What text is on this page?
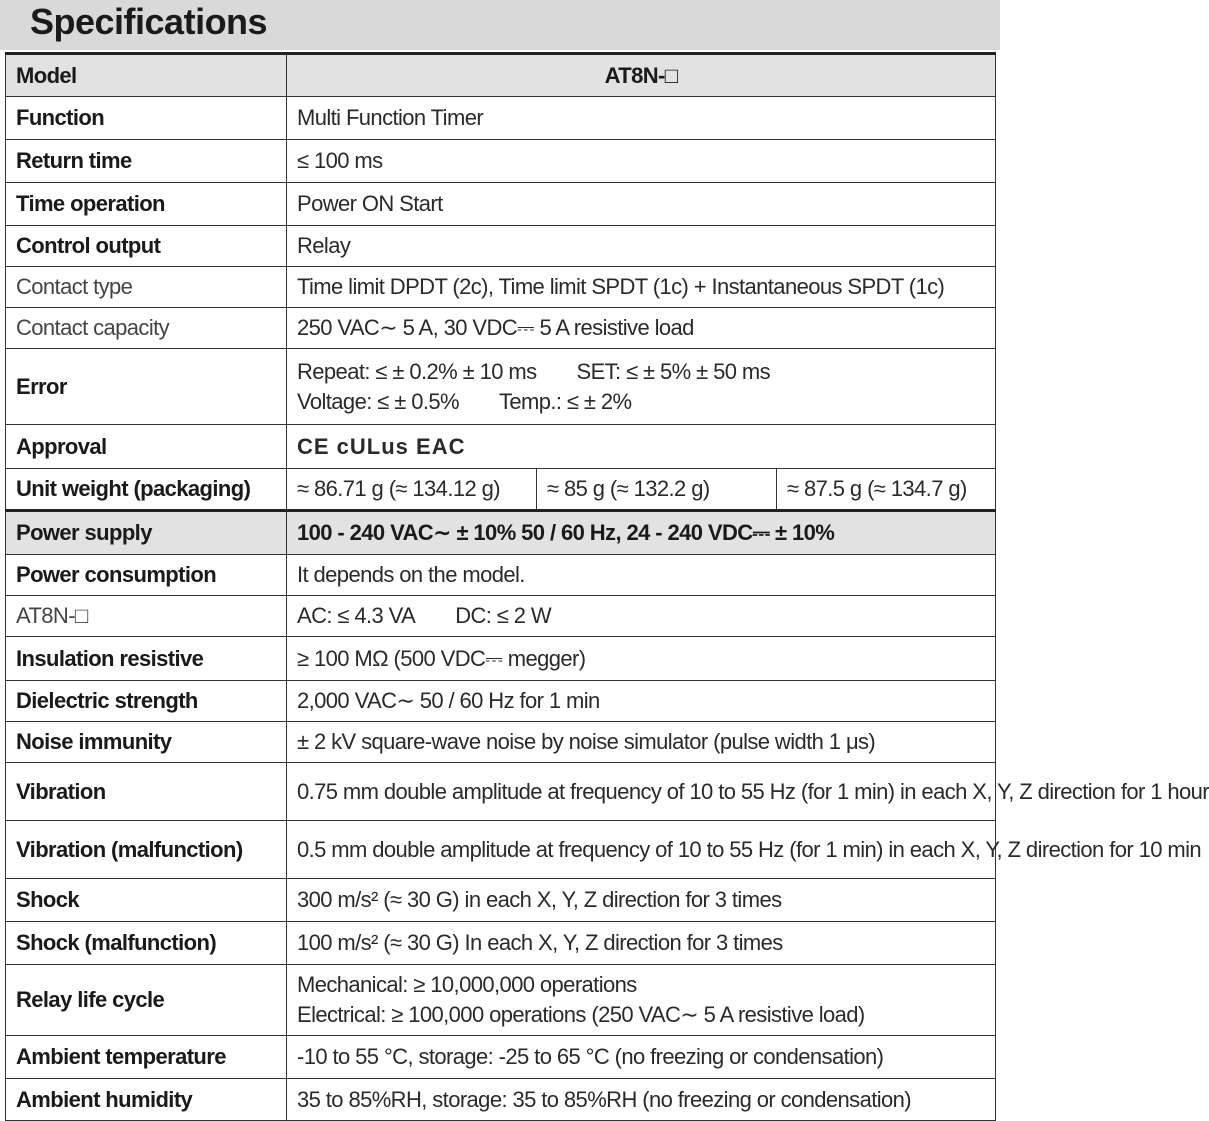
Specifications
Model	AT8N-□		
Function	Multi Function Timer		
Return time	≤ 100 ms		
Time operation	Power ON Start		
Control output	Relay		
Contact type	Time limit DPDT (2c), Time limit SPDT (1c) + Instantaneous SPDT (1c)		
Contact capacity	250 VAC∼ 5 A, 30 VDC⎓ 5 A resistive load		
Error	Repeat: ≤ ± 0.2% ± 10 ms SET: ≤ ± 5% ± 50 ms
Voltage: ≤ ± 0.5% Temp.: ≤ ± 2%		

Approval	CE cULus EAC		
Unit weight (packaging)	≈ 86.71 g (≈ 134.12 g)	≈ 85 g (≈ 132.2 g)	≈ 87.5 g (≈ 134.7 g)
Power supply	100 - 240 VAC∼ ± 10% 50 / 60 Hz, 24 - 240 VDC⎓ ± 10%		
Power consumption	It depends on the model.		
AT8N-□	AC: ≤ 4.3 VA DC: ≤ 2 W		
Insulation resistive	≥ 100 MΩ (500 VDC⎓ megger)		
Dielectric strength	2,000 VAC∼ 50 / 60 Hz for 1 min		
Noise immunity	± 2 kV square-wave noise by noise simulator (pulse width 1 μs)		
Vibration	0.75 mm double amplitude at frequency of 10 to 55 Hz (for 1 min) in each X, Y, Z direction for 1 hour		
Vibration (malfunction)	0.5 mm double amplitude at frequency of 10 to 55 Hz (for 1 min) in each X, Y, Z direction for 10 min		
Shock	300 m/s² (≈ 30 G) in each X, Y, Z direction for 3 times		
Shock (malfunction)	100 m/s² (≈ 30 G) In each X, Y, Z direction for 3 times		
Relay life cycle	Mechanical: ≥ 10,000,000 operations
Electrical: ≥ 100,000 operations (250 VAC∼ 5 A resistive load)		

Ambient temperature	-10 to 55 °C, storage: -25 to 65 °C (no freezing or condensation)		
Ambient humidity	35 to 85%RH, storage: 35 to 85%RH (no freezing or condensation)		
